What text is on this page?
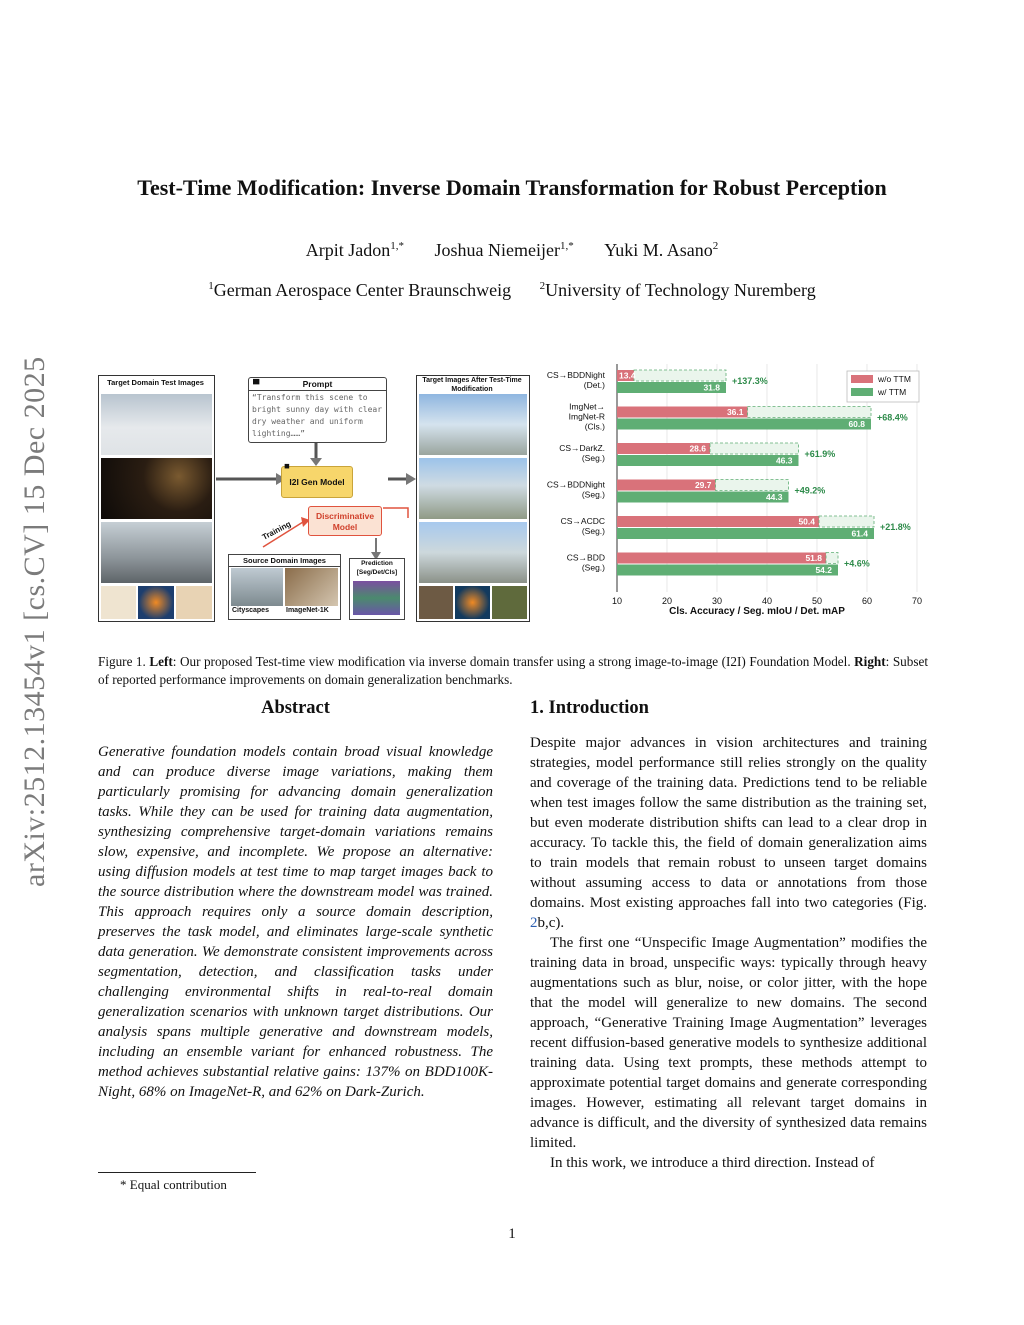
arXiv:2512.13454v1 [cs.CV] 15 Dec 2025
Test-Time Modification: Inverse Domain Transformation for Robust Perception
Arpit Jadon$^{1,*}$ Joshua Niemeijer$^{1,*}$ Yuki M. Asano$^2$
$^1$German Aerospace Center Braunschweig	$^2$University of Technology Nuremberg
Target Domain Test Images	▀	Prompt
“Transform this scene to bright sunny day with clear dry weather and uniform lighting……”
I2I Gen Model
◼
Discriminative Model
Training
Source Domain Images
Cityscapes ImageNet-1K
Prediction [Seg/Det/Cls]
Target Images After Test-Time Modification
10	20	30	40	50	60	70
Cls. Accuracy / Seg. mIoU / Det. mAP
CS→BDDNight
(Det.)
13.4
31.8
+137.3%
ImgNet→
ImgNet-R
(Cls.)
36.1
60.8
+68.4%
CS→DarkZ.
(Seg.)
28.6
46.3
+61.9%
CS→BDDNight
(Seg.)
29.7
44.3
+49.2%
CS→ACDC
(Seg.)
50.4
61.4
+21.8%
CS→BDD
(Seg.)
51.8
54.2
+4.6%
w/o TTM
w/ TTM
Figure 1. Left: Our proposed Test-time view modification via inverse domain transfer using a strong image-to-image (I2I) Foundation Model. Right: Subset of reported performance improvements on domain generalization benchmarks.
Abstract
Generative foundation models contain broad visual knowledge and can produce diverse image variations, making them particularly promising for advancing domain generalization tasks. While they can be used for training data augmentation, synthesizing comprehensive target-domain variations remains slow, expensive, and incomplete. We propose an alternative: using diffusion models at test time to map target images back to the source distribution where the downstream model was trained. This approach requires only a source domain description, preserves the task model, and eliminates large-scale synthetic data generation. We demonstrate consistent improvements across segmentation, detection, and classification tasks under challenging environmental shifts in real-to-real domain generalization scenarios with unknown target distributions. Our analysis spans multiple generative and downstream models, including an ensemble variant for enhanced robustness. The method achieves substantial relative gains: 137% on BDD100K-Night, 68% on ImageNet-R, and 62% on Dark-Zurich.
1. Introduction

Despite major advances in vision architectures and training strategies, model performance still relies strongly on the quality and coverage of the training data. Predictions tend to be reliable when test images follow the same distribution as the training set, but even moderate distribution shifts can lead to a clear drop in accuracy. To tackle this, the field of domain generalization aims to train models that remain robust to unseen target domains without assuming access to data or annotations from those domains. Most existing approaches fall into two categories (Fig. 2b,c).

The first one “Unspecific Image Augmentation” modifies the training data in broad, unspecific ways: typically through heavy augmentations such as blur, noise, or color jitter, with the hope that the model will generalize to new domains. The second approach, “Generative Training Image Augmentation” leverages recent diffusion-based generative models to synthesize additional training data. Using text prompts, these methods attempt to approximate potential target domains and generate corresponding images. However, estimating all relevant target domains in advance is difficult, and the diversity of synthesized data remains limited.

In this work, we introduce a third direction. Instead of

* Equal contribution
1
